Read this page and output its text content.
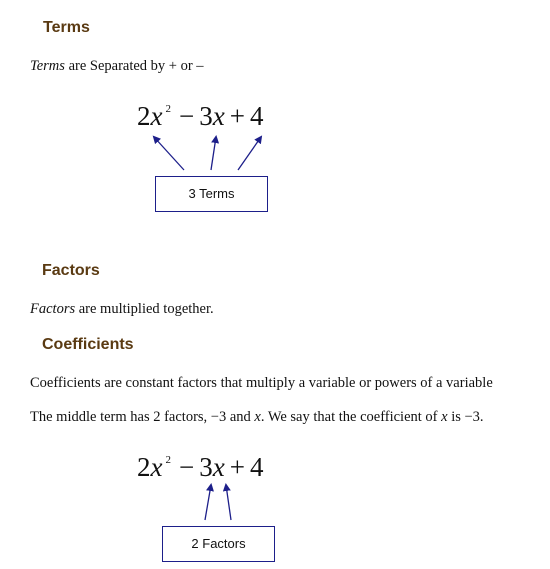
Terms
Terms are Separated by + or –
2x $^2$ − 3x + 4
3 Terms
Factors
Factors are multiplied together.
Coefficients
Coefficients are constant factors that multiply a variable or powers of a variable
The middle term has 2 factors, −3 and x. We say that the coefficient of x is −3.
2x $^2$ − 3x + 4
2 Factors
